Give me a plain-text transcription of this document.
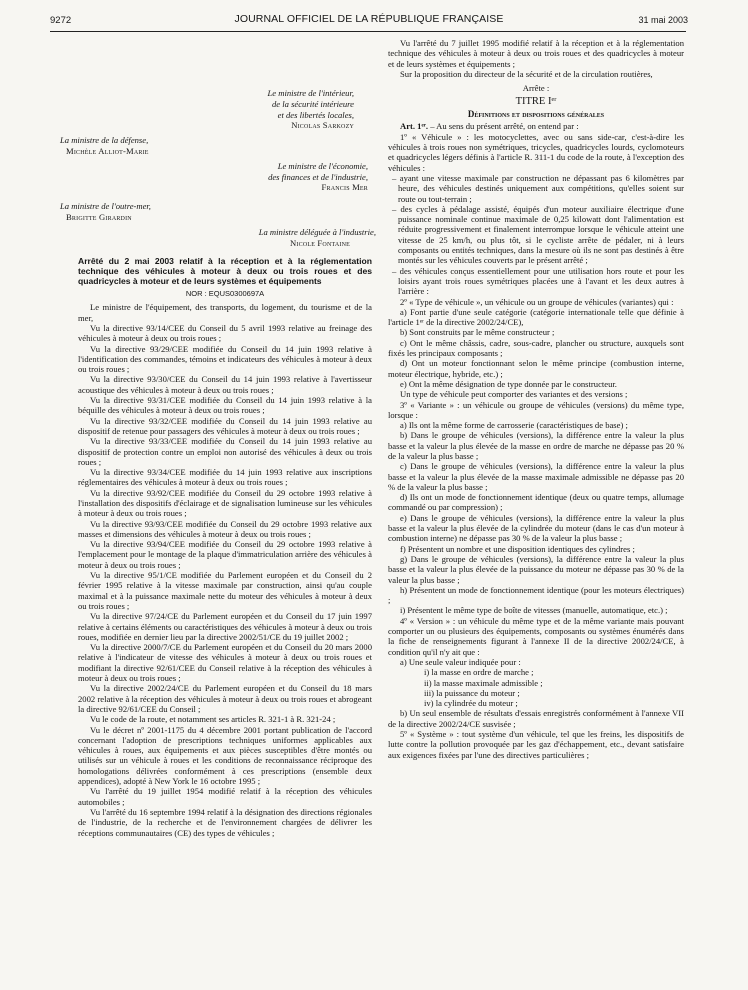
9272	JOURNAL OFFICIEL DE LA RÉPUBLIQUE FRANÇAISE	31 mai 2003
Le ministre de l'intérieur,
de la sécurité intérieure
et des libertés locales,
Nicolas Sarkozy
La ministre de la défense,
Michèle Alliot-Marie
Le ministre de l'économie,
des finances et de l'industrie,
Francis Mer
La ministre de l'outre-mer,
Brigitte Girardin
La ministre déléguée à l'industrie,
Nicole Fontaine
Arrêté du 2 mai 2003 relatif à la réception et à la réglementation technique des véhicules à moteur à deux ou trois roues et des quadricycles à moteur et de leurs systèmes et équipements
NOR : EQUS0300697A

Le ministre de l'équipement, des transports, du logement, du tourisme et de la mer,

Vu la directive 93/14/CEE du Conseil du 5 avril 1993 relative au freinage des véhicules à moteur à deux ou trois roues ;

Vu la directive 93/29/CEE modifiée du Conseil du 14 juin 1993 relative à l'identification des commandes, témoins et indicateurs des véhicules à moteur à deux ou trois roues ;

Vu la directive 93/30/CEE du Conseil du 14 juin 1993 relative à l'avertisseur acoustique des véhicules à moteur à deux ou trois roues ;

Vu la directive 93/31/CEE modifiée du Conseil du 14 juin 1993 relative à la béquille des véhicules à moteur à deux ou trois roues ;

Vu la directive 93/32/CEE modifiée du Conseil du 14 juin 1993 relative au dispositif de retenue pour passagers des véhicules à moteur à deux ou trois roues ;

Vu la directive 93/33/CEE modifiée du Conseil du 14 juin 1993 relative au dispositif de protection contre un emploi non autorisé des véhicules à deux ou trois roues ;

Vu la directive 93/34/CEE modifiée du 14 juin 1993 relative aux inscriptions réglementaires des véhicules à moteur à deux ou trois roues ;

Vu la directive 93/92/CEE modifiée du Conseil du 29 octobre 1993 relative à l'installation des dispositifs d'éclairage et de signalisation lumineuse sur les véhicules à moteur à deux ou trois roues ;

Vu la directive 93/93/CEE modifiée du Conseil du 29 octobre 1993 relative aux masses et dimensions des véhicules à moteur à deux ou trois roues ;

Vu la directive 93/94/CEE modifiée du Conseil du 29 octobre 1993 relative à l'emplacement pour le montage de la plaque d'immatriculation arrière des véhicules à moteur à deux ou trois roues ;

Vu la directive 95/1/CE modifiée du Parlement européen et du Conseil du 2 février 1995 relative à la vitesse maximale par construction, ainsi qu'au couple maximal et à la puissance maximale nette du moteur des véhicules à moteur à deux ou trois roues ;

Vu la directive 97/24/CE du Parlement européen et du Conseil du 17 juin 1997 relative à certains éléments ou caractéristiques des véhicules à moteur à deux ou trois roues, modifiée en dernier lieu par la directive 2002/51/CE du 19 juillet 2002 ;

Vu la directive 2000/7/CE du Parlement européen et du Conseil du 20 mars 2000 relative à l'indicateur de vitesse des véhicules à moteur à deux ou trois roues et modifiant la directive 92/61/CEE du Conseil relative à la réception des véhicules à moteur à deux ou trois roues ;

Vu la directive 2002/24/CE du Parlement européen et du Conseil du 18 mars 2002 relative à la réception des véhicules à moteur à deux ou trois roues et abrogeant la directive 92/61/CEE du Conseil ;

Vu le code de la route, et notamment ses articles R. 321-1 à R. 321-24 ;

Vu le décret nº 2001-1175 du 4 décembre 2001 portant publication de l'accord concernant l'adoption de prescriptions techniques uniformes applicables aux véhicules à roues, aux équipements et aux pièces susceptibles d'être montés ou utilisés sur un véhicule à roues et les conditions de reconnaissance réciproque des homologations délivrées conformément à ces prescriptions (ensemble deux appendices), adopté à New York le 16 octobre 1995 ;

Vu l'arrêté du 19 juillet 1954 modifié relatif à la réception des véhicules automobiles ;

Vu l'arrêté du 16 septembre 1994 relatif à la désignation des directions régionales de l'industrie, de la recherche et de l'environnement chargées de délivrer les réceptions communautaires (CE) des types de véhicules ;

Vu l'arrêté du 7 juillet 1995 modifié relatif à la réception et à la réglementation technique des véhicules à moteur à deux ou trois roues et des quadricycles à moteur et de leurs systèmes et équipements ;

Sur la proposition du directeur de la sécurité et de la circulation routières,

Arrête :

TITRE Iᵉʳ
Définitions et dispositions générales

Art. 1ᵉʳ. – Au sens du présent arrêté, on entend par :

1º « Véhicule » : les motocyclettes, avec ou sans side-car, c'est-à-dire les véhicules à trois roues non symétriques, tricycles, quadricycles lourds, cyclomoteurs et quadricycles légers définis à l'article R. 311-1 du code de la route, à l'exception des véhicules :

– ayant une vitesse maximale par construction ne dépassant pas 6 kilomètres par heure, des véhicules destinés uniquement aux compétitions, qu'elles soient sur route ou tout-terrain ;

– des cycles à pédalage assisté, équipés d'un moteur auxiliaire électrique d'une puissance nominale continue maximale de 0,25 kilowatt dont l'alimentation est réduite progressivement et finalement interrompue lorsque le véhicule atteint une vitesse de 25 km/h, ou plus tôt, si le cycliste arrête de pédaler, ni à leurs composants ou entités techniques, dans la mesure où ils ne sont pas destinés à être montés sur les véhicules couverts par le présent arrêté ;

– des véhicules conçus essentiellement pour une utilisation hors route et pour les loisirs ayant trois roues symétriques placées une à l'avant et les deux autres à l'arrière :

2º « Type de véhicule », un véhicule ou un groupe de véhicules (variantes) qui :

a) Font partie d'une seule catégorie (catégorie internationale telle que définie à l'article 1ᵉʳ de la directive 2002/24/CE),

b) Sont construits par le même constructeur ;

c) Ont le même châssis, cadre, sous-cadre, plancher ou structure, auxquels sont fixés les principaux composants ;

d) Ont un moteur fonctionnant selon le même principe (combustion interne, moteur électrique, hybride, etc.) ;

e) Ont la même désignation de type donnée par le constructeur.

Un type de véhicule peut comporter des variantes et des versions ;

3º « Variante » : un véhicule ou groupe de véhicules (versions) du même type, lorsque :

a) Ils ont la même forme de carrosserie (caractéristiques de base) ;

b) Dans le groupe de véhicules (versions), la différence entre la valeur la plus basse et la valeur la plus élevée de la masse en ordre de marche ne dépasse pas 20 % de la valeur la plus basse ;

c) Dans le groupe de véhicules (versions), la différence entre la valeur la plus basse et la valeur la plus élevée de la masse maximale admissible ne dépasse pas 20 % de la valeur la plus basse ;

d) Ils ont un mode de fonctionnement identique (deux ou quatre temps, allumage commandé ou par compression) ;

e) Dans le groupe de véhicules (versions), la différence entre la valeur la plus basse et la valeur la plus élevée de la cylindrée du moteur (dans le cas d'un moteur à combustion interne) ne dépasse pas 30 % de la valeur la plus basse ;

f) Présentent un nombre et une disposition identiques des cylindres ;

g) Dans le groupe de véhicules (versions), la différence entre la valeur la plus basse et la valeur la plus élevée de la puissance du moteur ne dépasse pas 30 % de la valeur la plus basse ;

h) Présentent un mode de fonctionnement identique (pour les moteurs électriques) ;

i) Présentent le même type de boîte de vitesses (manuelle, automatique, etc.) ;

4º « Version » : un véhicule du même type et de la même variante mais pouvant comporter un ou plusieurs des équipements, composants ou systèmes énumérés dans la fiche de renseignements figurant à l'annexe II de la directive 2002/24/CE, à condition qu'il n'y ait que :

a) Une seule valeur indiquée pour :

i) la masse en ordre de marche ;

ii) la masse maximale admissible ;

iii) la puissance du moteur ;

iv) la cylindrée du moteur ;

b) Un seul ensemble de résultats d'essais enregistrés conformément à l'annexe VII de la directive 2002/24/CE susvisée ;

5º « Système » : tout système d'un véhicule, tel que les freins, les dispositifs de lutte contre la pollution provoquée par les gaz d'échappement, etc., devant satisfaire aux exigences fixées par l'une des directives particulières ;
